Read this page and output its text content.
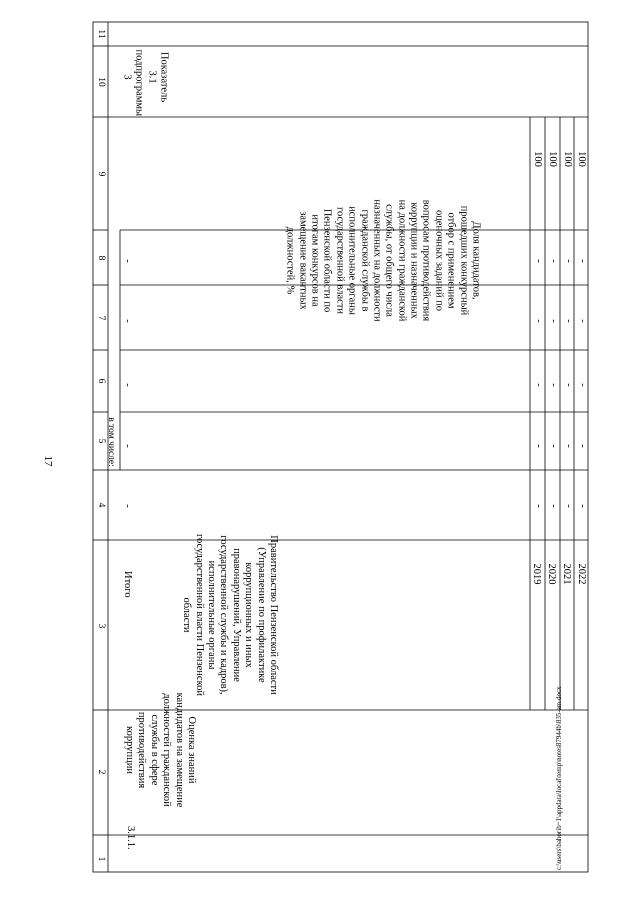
17
1
2
3
4
5
6
7
8
9
10
11
3.1.1.
Оценка знаний кандидатов на замещение должностей гражданской службы в сфере противодействия коррупции
Правительство Пензенской области (Управление по профилактике коррупционных и иных правонарушений, Управление государственной службы и кадров), исполнительные органы государственной власти Пензенской области
Итого
в том числе:
-
-
-
-
-	Доля кандидатов, прошедших конкурсный отбор с применением оценочных заданий по вопросам противодействия коррупции и назначенных на должности гражданской службы, от общего числа назначенных на должности гражданской службы в исполнительные органы государственной власти Пензенской области по итогам конкурсов на замещение вакантных должностей, %
Показатель 3.1 подпрограммы 3
2019 2020 2021 2022
-
-
-
-
-
100
-
-
-
-
-
100
-
-
-
-
-
100
-
-
-
-
-
100
c:\users\bahorib~1\appdata\local\temp\notes87944b\835-am.docx
